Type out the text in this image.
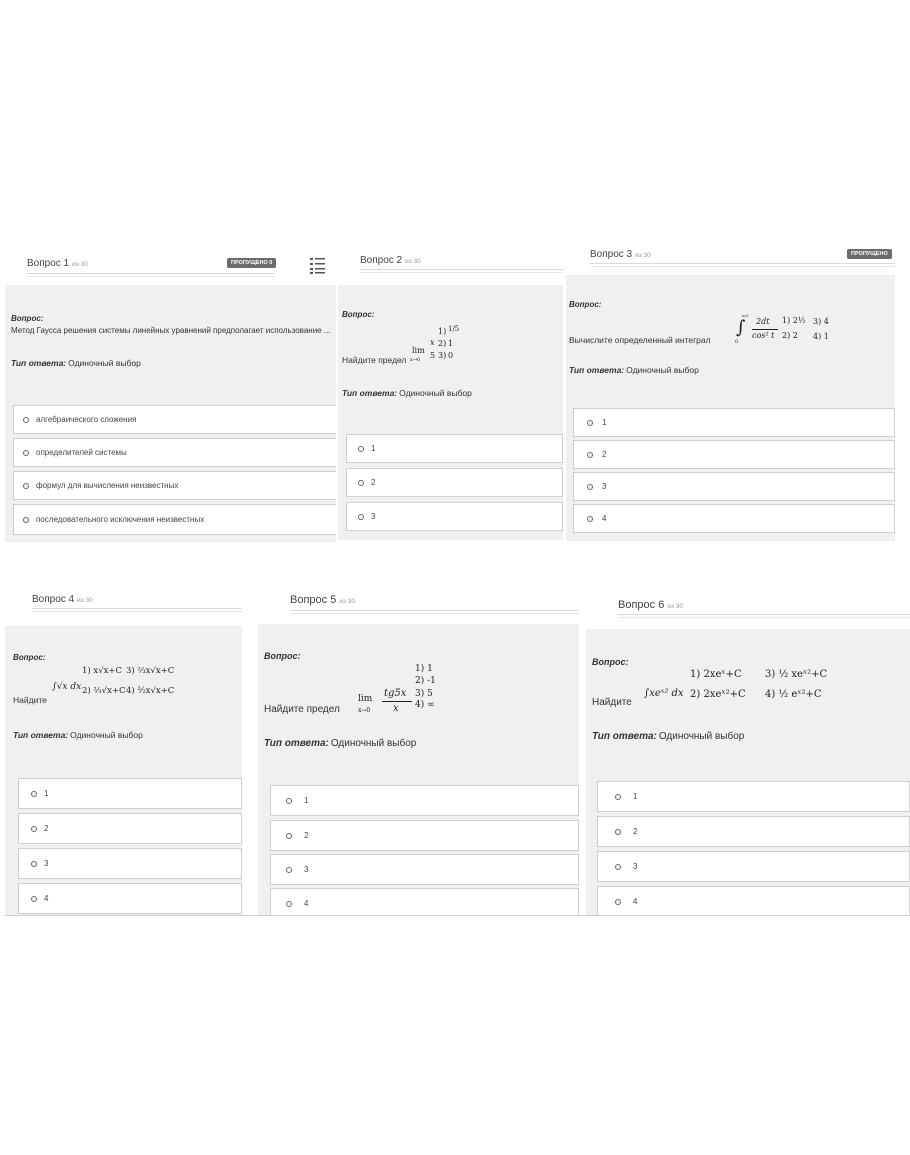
Вопрос 1 из 30	ПРОПУЩЕНО 0
Вопрос:
Метод Гаусса решения системы линейных уравнений предполагает использование ...
Тип ответа: Одиночный выбор
алгебраического сложения
определителей системы
формул для вычисления неизвестных
последовательного исключения неизвестных
Вопрос 2 из 30
Вопрос:
1) 1/5
x 2) 1
lim
5 3) 0
x→0
Найдите предел
Тип ответа: Одиночный выбор
1
2
3
Вопрос 3 из 30	ПРОПУЩЕНО
Вопрос:
Вычислите определенный интеграл
π/3
∫
0
2dt
cos² t
1) 2½ 3) 4
2) 2 4) 1
Тип ответа: Одиночный выбор
1
2
3
4
Вопрос 4 из 30
Вопрос:
Найдите
1) x√x+C 3) ⅔x√x+C
∫√x dx 2) ⅔√x+C 4) ³⁄₂x√x+C
Тип ответа: Одиночный выбор
1
2
3
4
Вопрос 5 из 30
Вопрос:
Найдите предел
1) 1
2) -1
lim tg5x
x
3) 5
4) ∞
x→0
Тип ответа: Одиночный выбор
1
2
3
4
Вопрос 6 из 30
Вопрос:
Найдите
1) 2xeˣ+C 3) ½ xeˣ²+C
∫xeˣ² dx 2) 2xeˣ²+C 4) ½ eˣ²+C
Тип ответа: Одиночный выбор
1
2
3
4
